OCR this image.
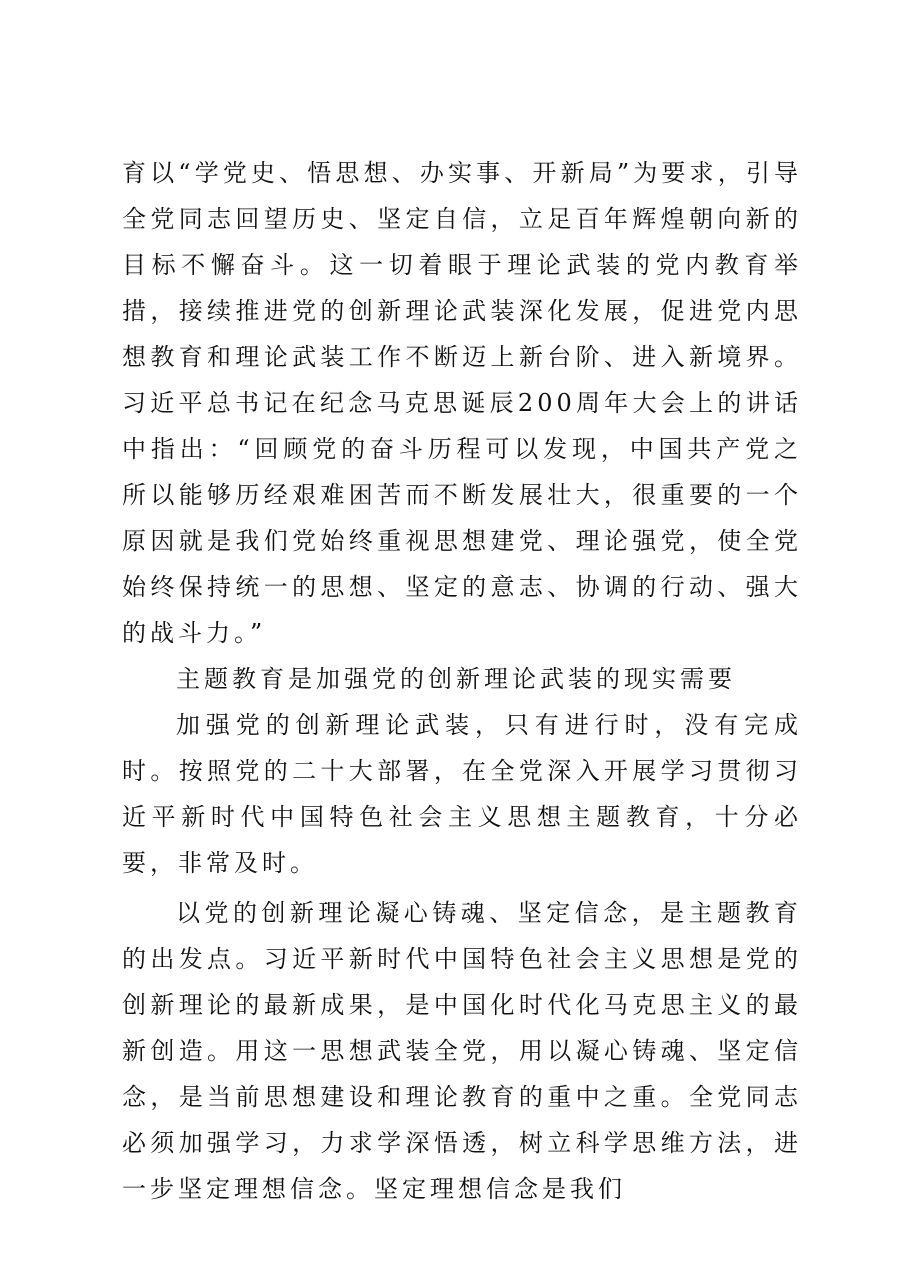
育以“学党史、悟思想、办实事、开新局”为要求，引导全党同志回望历史、坚定自信，立足百年辉煌朝向新的目标不懈奋斗。这一切着眼于理论武装的党内教育举措，接续推进党的创新理论武装深化发展，促进党内思想教育和理论武装工作不断迈上新台阶、进入新境界。习近平总书记在纪念马克思诞辰200周年大会上的讲话中指出：“回顾党的奋斗历程可以发现，中国共产党之所以能够历经艰难困苦而不断发展壮大，很重要的一个原因就是我们党始终重视思想建党、理论强党，使全党始终保持统一的思想、坚定的意志、协调的行动、强大的战斗力。”

主题教育是加强党的创新理论武装的现实需要

加强党的创新理论武装，只有进行时，没有完成时。按照党的二十大部署，在全党深入开展学习贯彻习近平新时代中国特色社会主义思想主题教育，十分必要，非常及时。

以党的创新理论凝心铸魂、坚定信念，是主题教育的出发点。习近平新时代中国特色社会主义思想是党的创新理论的最新成果，是中国化时代化马克思主义的最新创造。用这一思想武装全党，用以凝心铸魂、坚定信念，是当前思想建设和理论教育的重中之重。全党同志必须加强学习，力求学深悟透，树立科学思维方法，进一步坚定理想信念。坚定理想信念是我们
